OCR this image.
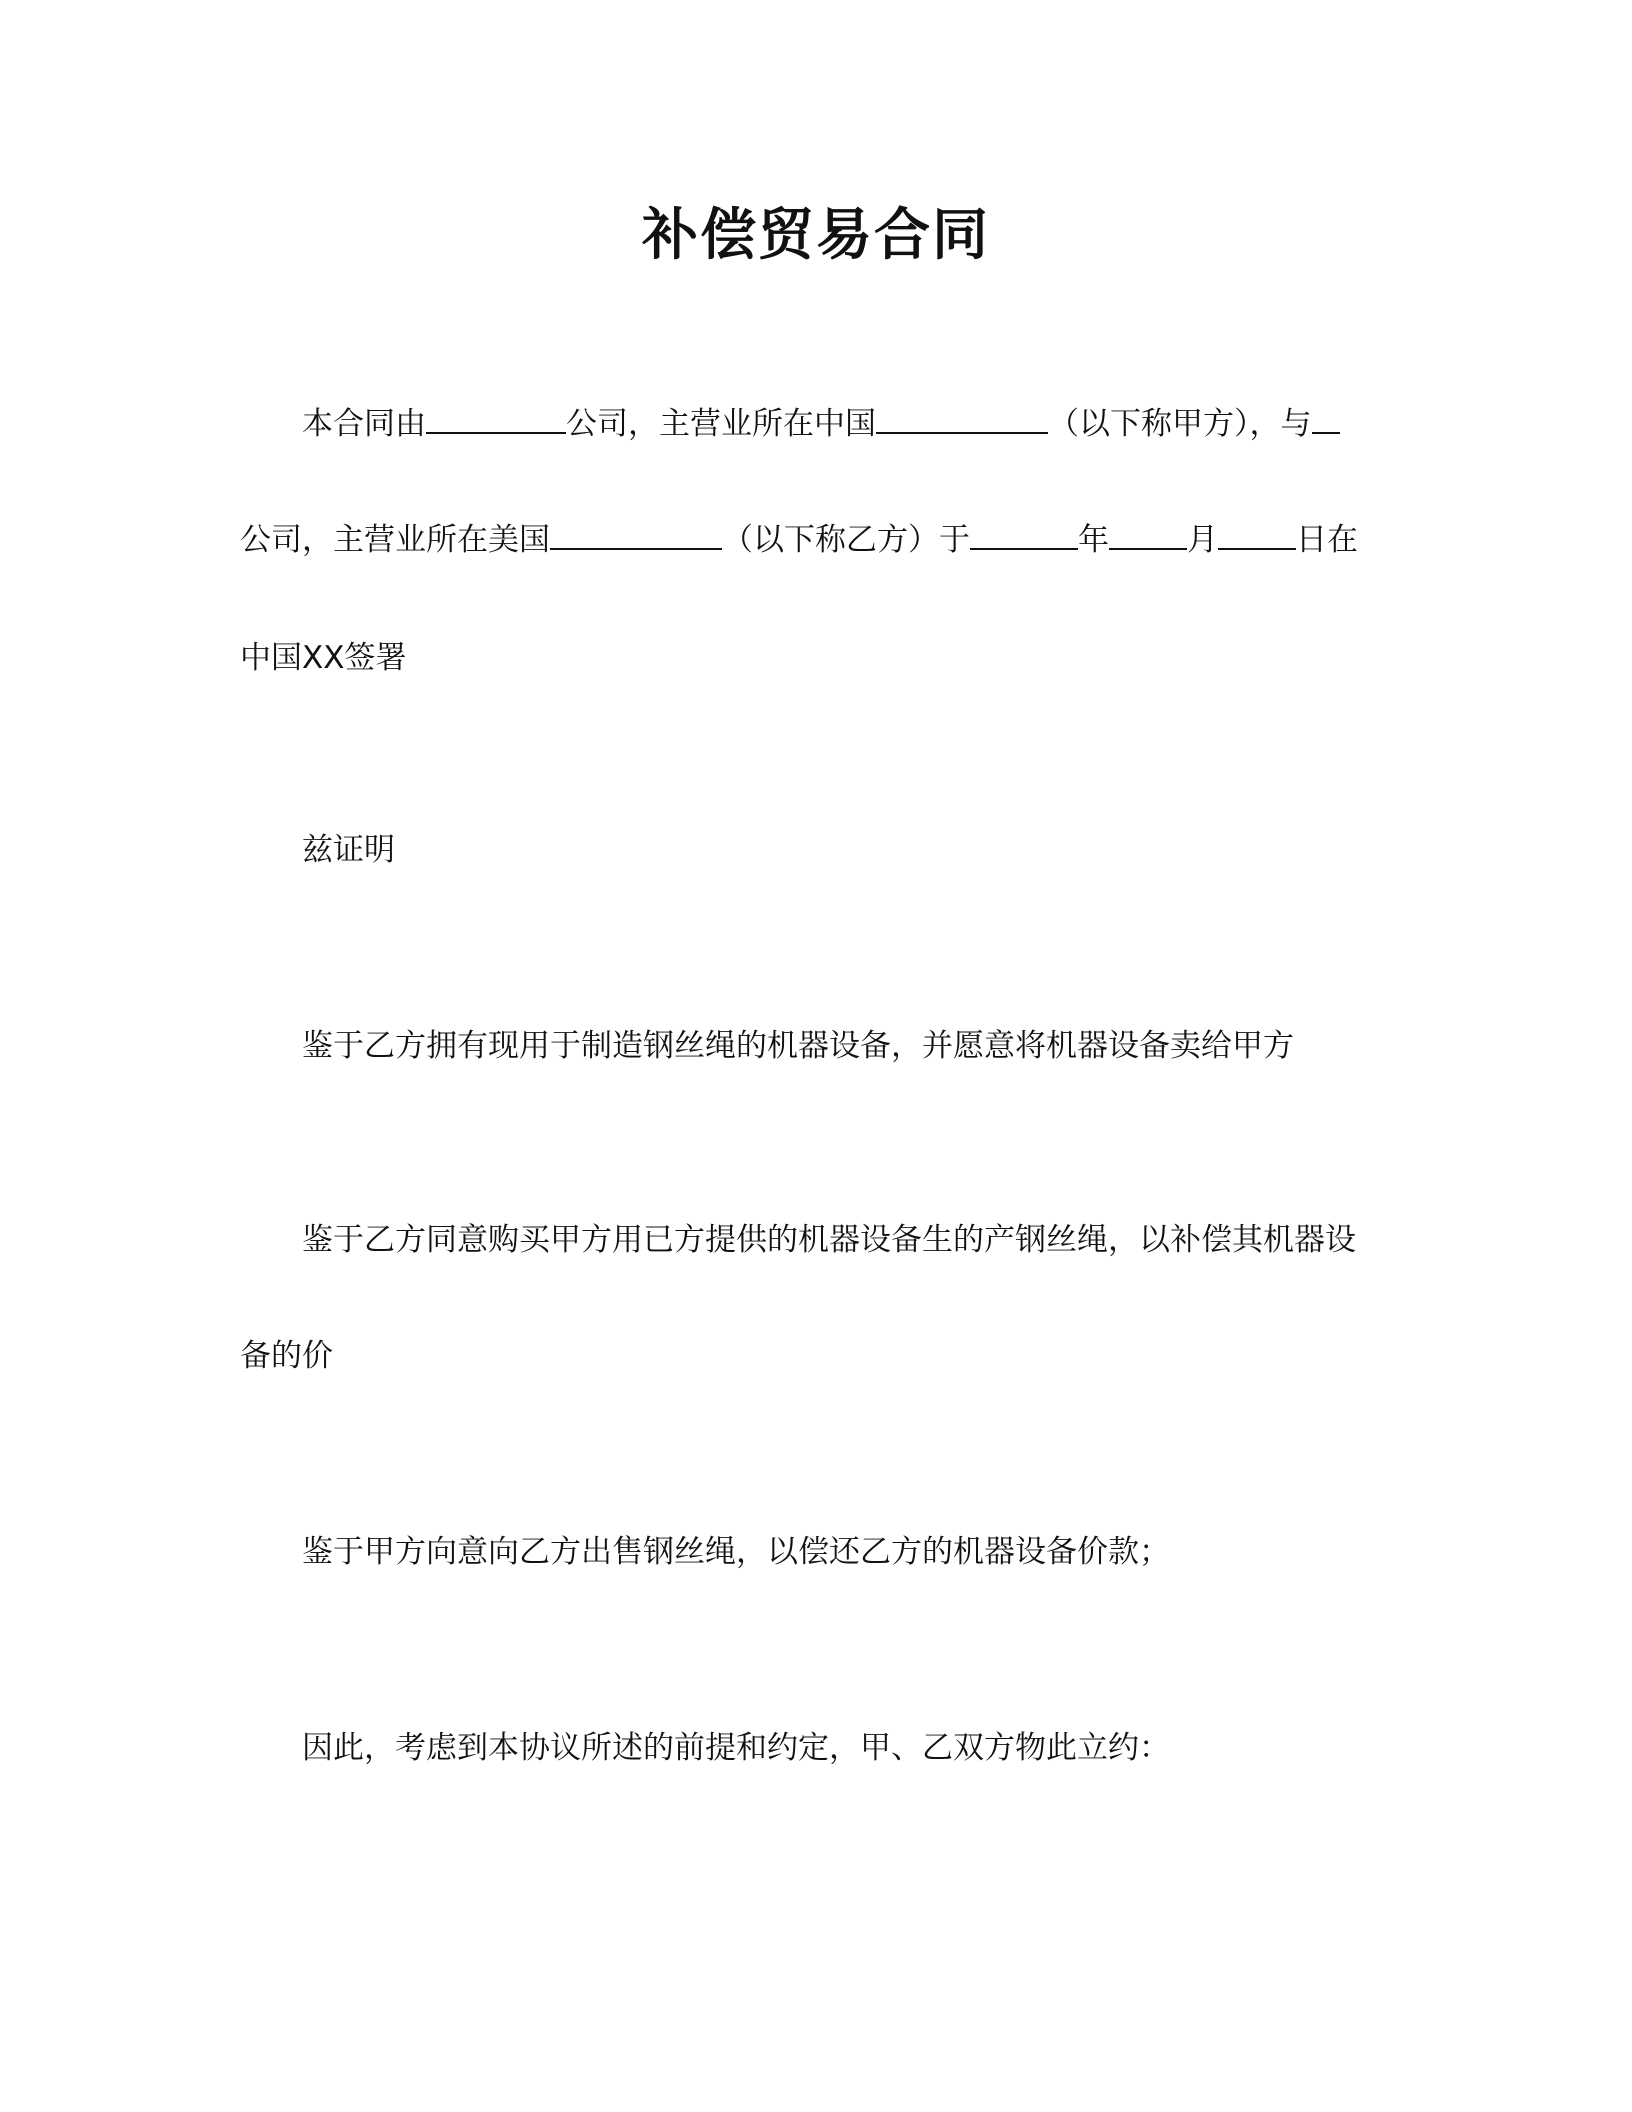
补偿贸易合同
本合同由	公司，主营业所在中国	（以下称甲方），与
公司，主营业所在美国	（以下称乙方）于	年	月	日在
中国XX签署
兹证明
鉴于乙方拥有现用于制造钢丝绳的机器设备，并愿意将机器设备卖给甲方
鉴于乙方同意购买甲方用已方提供的机器设备生的产钢丝绳，以补偿其机器设
备的价
鉴于甲方向意向乙方出售钢丝绳，以偿还乙方的机器设备价款；
因此，考虑到本协议所述的前提和约定，甲、乙双方物此立约：
